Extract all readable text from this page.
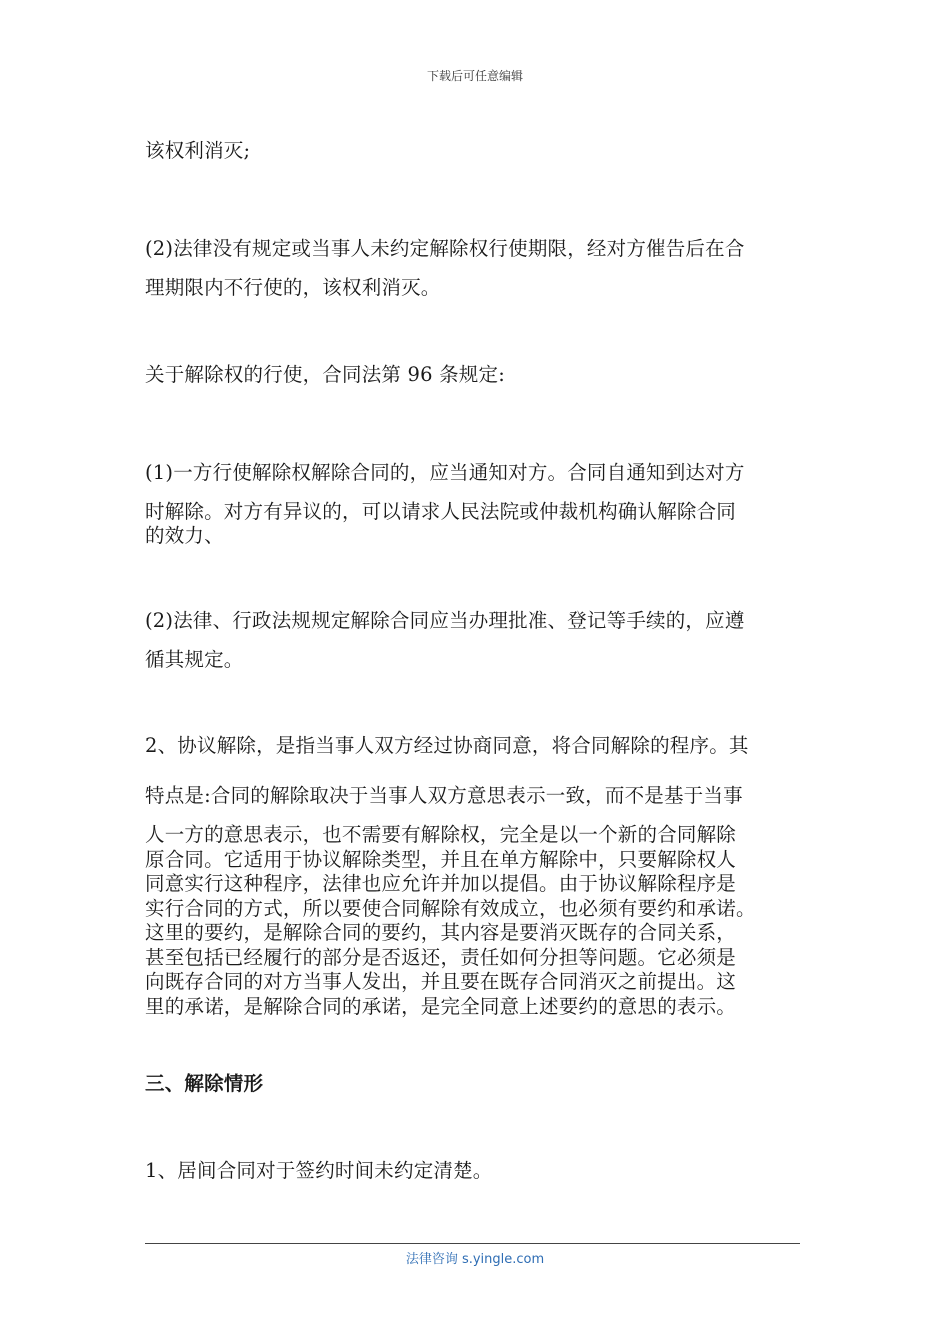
下载后可任意编辑
该权利消灭;
(2)法律没有规定或当事人未约定解除权行使期限，经对方催告后在合
理期限内不行使的，该权利消灭。
关于解除权的行使，合同法第 96 条规定:
(1)一方行使解除权解除合同的，应当通知对方。合同自通知到达对方
时解除。对方有异议的，可以请求人民法院或仲裁机构确认解除合同
的效力、
(2)法律、行政法规规定解除合同应当办理批准、登记等手续的，应遵
循其规定。
2、协议解除，是指当事人双方经过协商同意，将合同解除的程序。其
特点是:合同的解除取决于当事人双方意思表示一致，而不是基于当事
人一方的意思表示，也不需要有解除权，完全是以一个新的合同解除
原合同。它适用于协议解除类型，并且在单方解除中，只要解除权人
同意实行这种程序，法律也应允许并加以提倡。由于协议解除程序是
实行合同的方式，所以要使合同解除有效成立，也必须有要约和承诺。
这里的要约，是解除合同的要约，其内容是要消灭既存的合同关系，
甚至包括已经履行的部分是否返还，责任如何分担等问题。它必须是
向既存合同的对方当事人发出，并且要在既存合同消灭之前提出。这
里的承诺，是解除合同的承诺，是完全同意上述要约的意思的表示。
三、解除情形
1、居间合同对于签约时间未约定清楚。
法律咨询 s.yingle.com
